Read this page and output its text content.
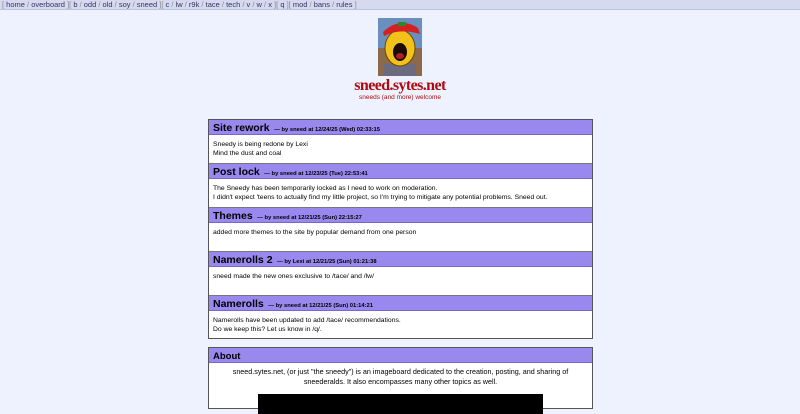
[ home / overboard ][ b / odd / old / soy / sneed ][ c / lw / r9k / tace / tech / v / w / x ][ q ][ mod / bans / rules ]
sneed.sytes.net
sneeds (and more) welcome
Site rework — by sneed at 12/24/25 (Wed) 02:33:15
Sneedy is being redone by Lexi
Mind the dust and coal
Post lock — by sneed at 12/23/25 (Tue) 22:53:41
The Sneedy has been temporarily locked as I need to work on moderation.
I didn't expect 'teens to actually find my little project, so I'm trying to mitigate any potential problems. Sneed out.
Themes — by sneed at 12/21/25 (Sun) 22:15:27
added more themes to the site by popular demand from one person
Namerolls 2 — by Lexi at 12/21/25 (Sun) 01:21:38
sneed made the new ones exclusive to /tace/ and /lw/
Namerolls — by sneed at 12/21/25 (Sun) 01:14:21
Namerolls have been updated to add /tace/ recommendations.
Do we keep this? Let us know in /q/.
About
sneed.sytes.net, (or just "the sneedy") is an imageboard dedicated to the creation, posting, and sharing of sneederalds. It also encompasses many other topics as well.
